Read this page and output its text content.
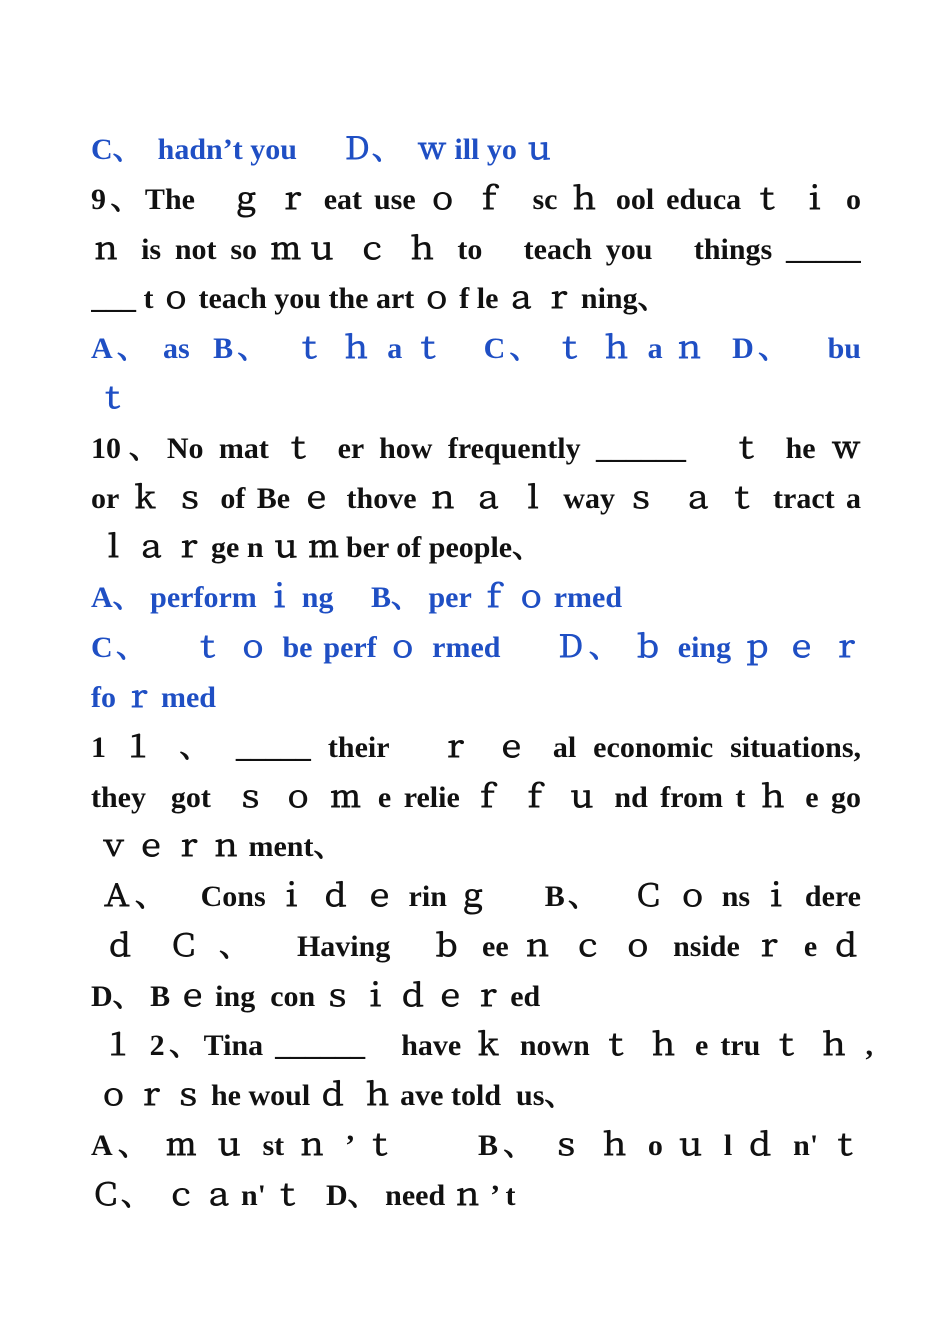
C、  hadn’t you      Ｄ、  ｗ ill yo ｕ
9、The   ｇ ｒ eat use ｏ ｆ  sc ｈ ool educa ｔ ｉ o
ｎ is not so ｍｕ ｃ ｈ to   teach you   things _____
___ t ｏ teach you the art ｏ f le ａ ｒ ning、
A、 as  B、  ｔ ｈ a ｔ   C、 ｔ ｈ a ｎ  D、   bu
ｔ
10、No mat ｔ er how frequently ______   ｔ he ｗ
or ｋ ｓ of Be ｅ thove ｎ ａ ｌ way ｓ  ａ ｔ tract a
ｌ ａ ｒ ge n ｕ ｍ ber of people、
A、 perform ｉ ng     B、 per ｆ ｏ rmed
C、    ｔ ｏ be perf ｏ rmed     Ｄ、 ｂ eing ｐ ｅ ｒ
fo ｒ med
1 １ 、 _____ their   ｒ ｅ al economic situations,
they  got  ｓ ｏ ｍ e relie ｆ ｆ ｕ nd from t ｈ e go
ｖ ｅ ｒ ｎ ment、
Ａ、   Cons ｉ ｄ ｅ rin ｇ     B、   Ｃ ｏ ns ｉ dere
ｄ  Ｃ 、   Having   ｂ ee ｎ ｃ ｏ nside ｒ e ｄ
D、 B ｅ ing  con ｓ ｉ ｄ ｅ ｒ ed
１ 2、Tina ______   have ｋ nown ｔ ｈ e tru ｔ ｈ ,
ｏ ｒ ｓ he woul ｄ  ｈ ave told  us、
A、 ｍ ｕ st ｎ ’ ｔ      B、 ｓ ｈ o ｕ l ｄ n' ｔ
Ｃ、  ｃ ａ n' ｔ   D、 need ｎ ’ t
